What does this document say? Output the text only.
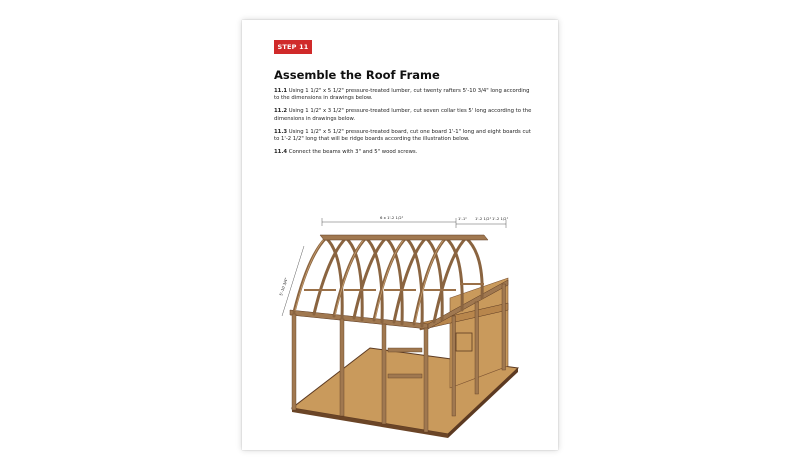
STEP 11
Assemble the Roof Frame

11.1 Using 1 1/2" x 5 1/2" pressure-treated lumber, cut twenty rafters 5'-10 3/4" long according to the dimensions in drawings below.

11.2 Using 1 1/2" x 3 1/2" pressure-treated lumber, cut seven collar ties 5' long according to the dimensions in drawings below.

11.3 Using 1 1/2" x 5 1/2" pressure-treated board, cut one board 1'-1" long and eight boards cut to 1'-2 1/2" long that will be ridge boards according the illustration below.

11.4 Connect the beams with 3" and 5" wood screws.

6 x 1'-2 1/2"	1'-1" 1'-2 1/2" 1'-2 1/2"
5'-10 3/4"
